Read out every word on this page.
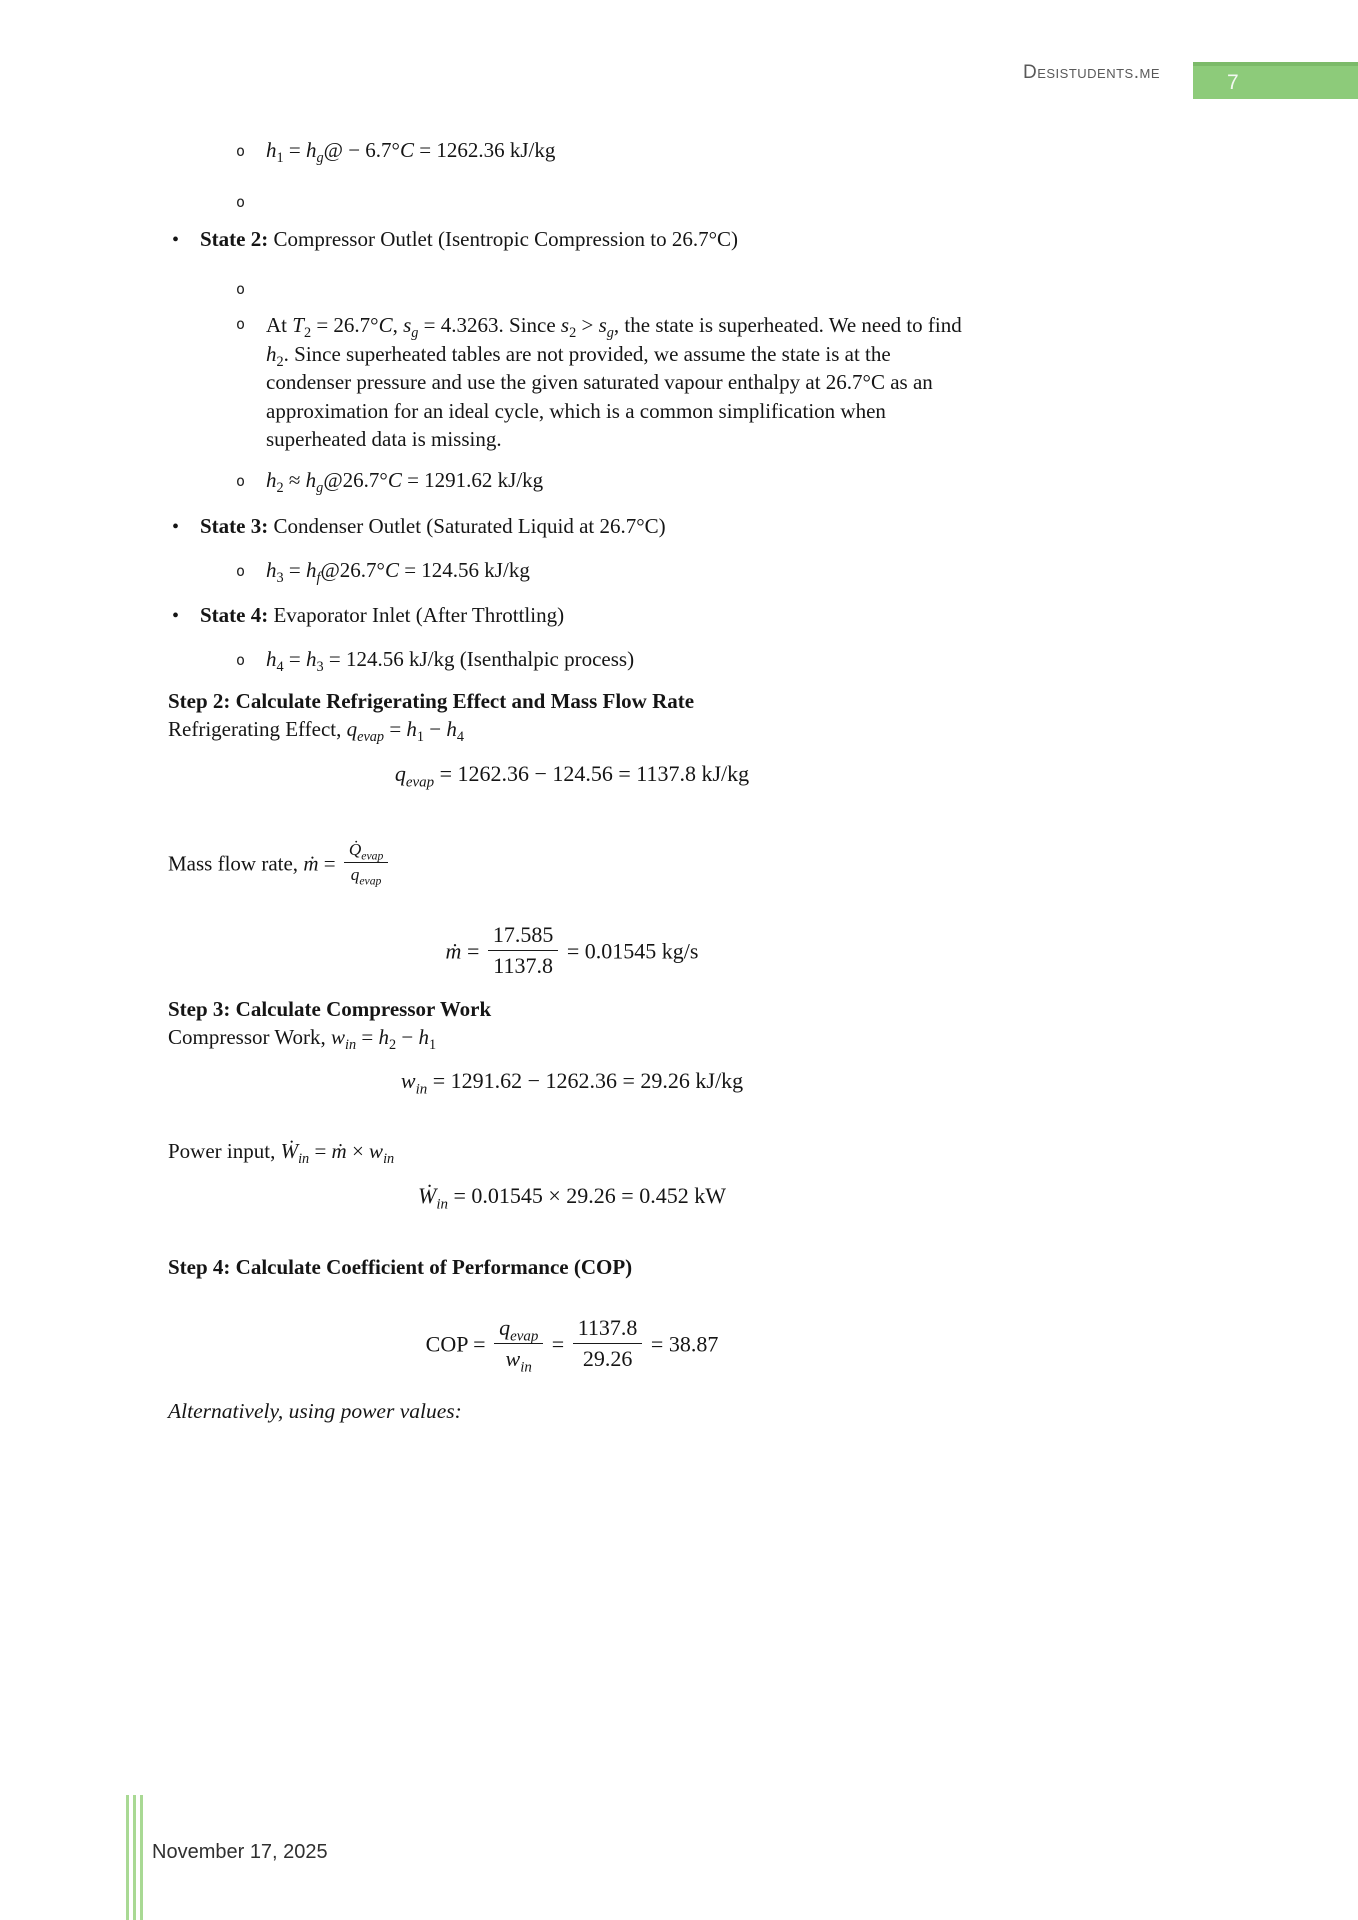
Desistudents.me	7
o $h_1$ = $h_g@ - 6.7^\circ C = 1262.36$ kJ/kg
o
• State 2: Compressor Outlet (Isentropic Compression to 26.7°C)
o
o At $T_2 = 26.7^\circ C$, $s_g = 4.3263$. Since $s_2 > s_g$, the state is superheated. We need to find $h_2$. Since superheated tables are not provided, we assume the state is at the condenser pressure and use the given saturated vapour enthalpy at 26.7°C as an approximation for an ideal cycle, which is a common simplification when superheated data is missing.
o $h_2$ ≈ $h_g@26.7^\circ C = 1291.62$ kJ/kg
• State 3: Condenser Outlet (Saturated Liquid at 26.7°C)
o $h_3$ = $h_f@26.7^\circ C = 124.56$ kJ/kg
• State 4: Evaporator Inlet (After Throttling)
o $h_4 = h_3 = 124.56$ kJ/kg (Isenthalpic process)
Step 2: Calculate Refrigerating Effect and Mass Flow Rate
Refrigerating Effect, $q_{evap} = h_1 - h_4$
$q_{evap} = 1262.36 - 124.56 = 1137.8$ kJ/kg
Mass flow rate, ṁ = $\frac{Q̇_{evap}}{q_{evap}}$
ṁ = $\frac{17.585}{1137.8} = 0.01545$ kg/s
Step 3: Calculate Compressor Work
Compressor Work, $w_{in} = h_2 - h_1$
$w_{in} = 1291.62 - 1262.36 = 29.26$ kJ/kg
Power input, Ẇ$_{in}$ = ṁ × $w_{in}$
Ẇ$_{in}$ = 0.01545 × 29.26 = 0.452 kW
Step 4: Calculate Coefficient of Performance (COP)
COP = $\frac{q_{evap}}{w_{in}} = \frac{1137.8}{29.26} = 38.87$
Alternatively, using power values:
November 17, 2025
